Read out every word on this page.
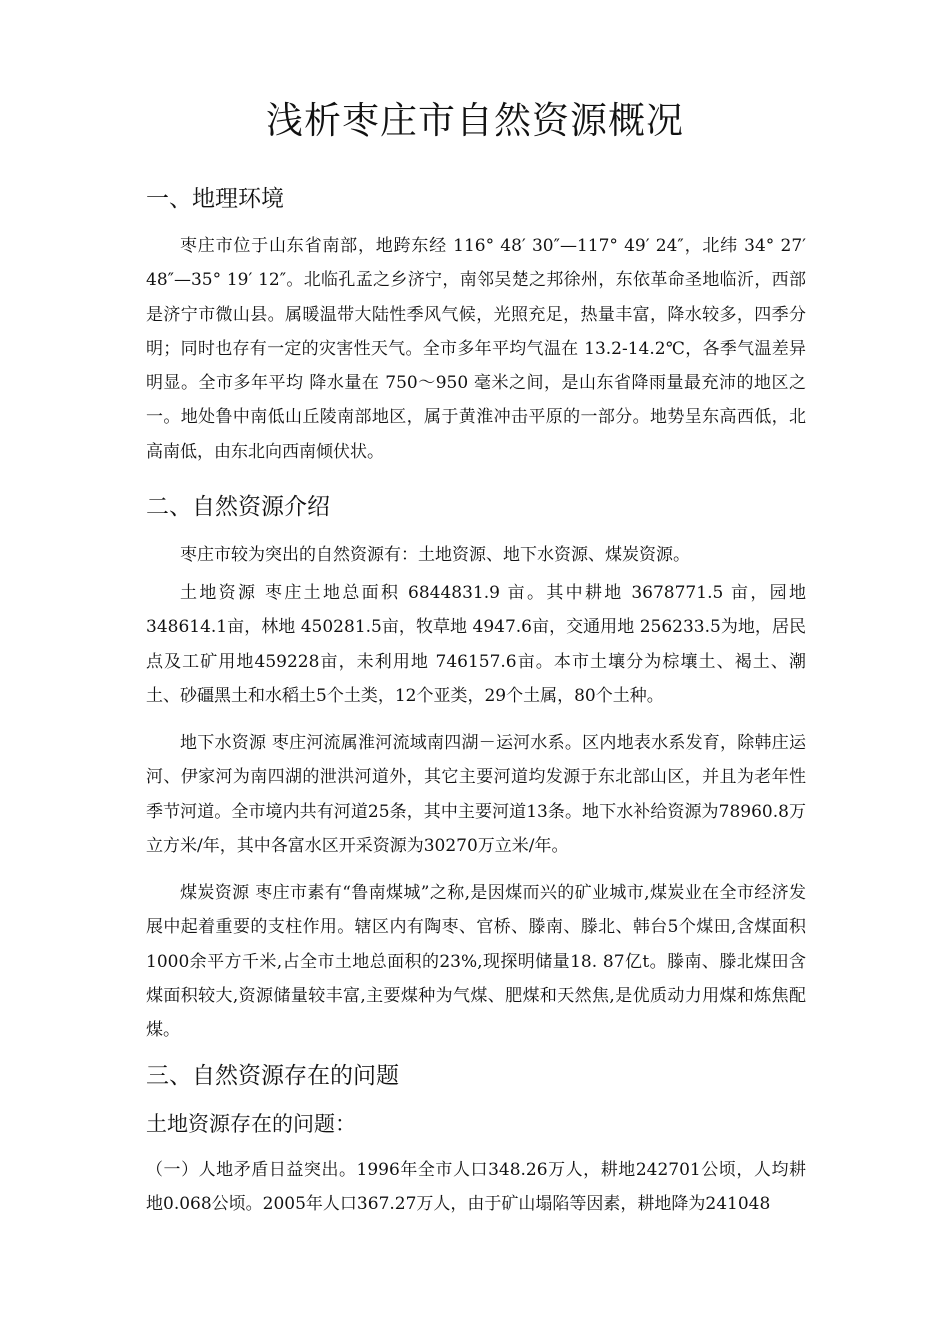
浅析枣庄市自然资源概况
一、地理环境

枣庄市位于山东省南部，地跨东经 116° 48′ 30″—117° 49′ 24″，北纬 34° 27′ 48″—35° 19′ 12″。北临孔孟之乡济宁，南邻吴楚之邦徐州，东依革命圣地临沂，西部是济宁市微山县。属暖温带大陆性季风气候，光照充足，热量丰富，降水较多，四季分明；同时也存有一定的灾害性天气。全市多年平均气温在 13.2-14.2℃，各季气温差异明显。全市多年平均 降水量在 750～950 毫米之间，是山东省降雨量最充沛的地区之一。地处鲁中南低山丘陵南部地区，属于黄淮冲击平原的一部分。地势呈东高西低，北高南低，由东北向西南倾伏状。

二、自然资源介绍

枣庄市较为突出的自然资源有：土地资源、地下水资源、煤炭资源。

土地资源 枣庄土地总面积 6844831.9 亩。其中耕地 3678771.5 亩，园地348614.1亩，林地 450281.5亩，牧草地 4947.6亩，交通用地 256233.5为地，居民点及工矿用地459228亩，未利用地 746157.6亩。本市土壤分为棕壤土、褐土、潮土、砂礓黑土和水稻土5个土类，12个亚类，29个土属，80个土种。

地下水资源 枣庄河流属淮河流域南四湖－运河水系。区内地表水系发育，除韩庄运河、伊家河为南四湖的泄洪河道外，其它主要河道均发源于东北部山区，并且为老年性季节河道。全市境内共有河道25条，其中主要河道13条。地下水补给资源为78960.8万立方米/年，其中各富水区开采资源为30270万立米/年。

煤炭资源 枣庄市素有“鲁南煤城”之称,是因煤而兴的矿业城市,煤炭业在全市经济发展中起着重要的支柱作用。辖区内有陶枣、官桥、滕南、滕北、韩台5个煤田,含煤面积1000余平方千米,占全市土地总面积的23%,现探明储量18. 87亿t。滕南、滕北煤田含煤面积较大,资源储量较丰富,主要煤种为气煤、肥煤和天然焦,是优质动力用煤和炼焦配煤。

三、自然资源存在的问题
土地资源存在的问题：

（一）人地矛盾日益突出。1996年全市人口348.26万人，耕地242701公顷，人均耕地0.068公顷。2005年人口367.27万人，由于矿山塌陷等因素，耕地降为241048
